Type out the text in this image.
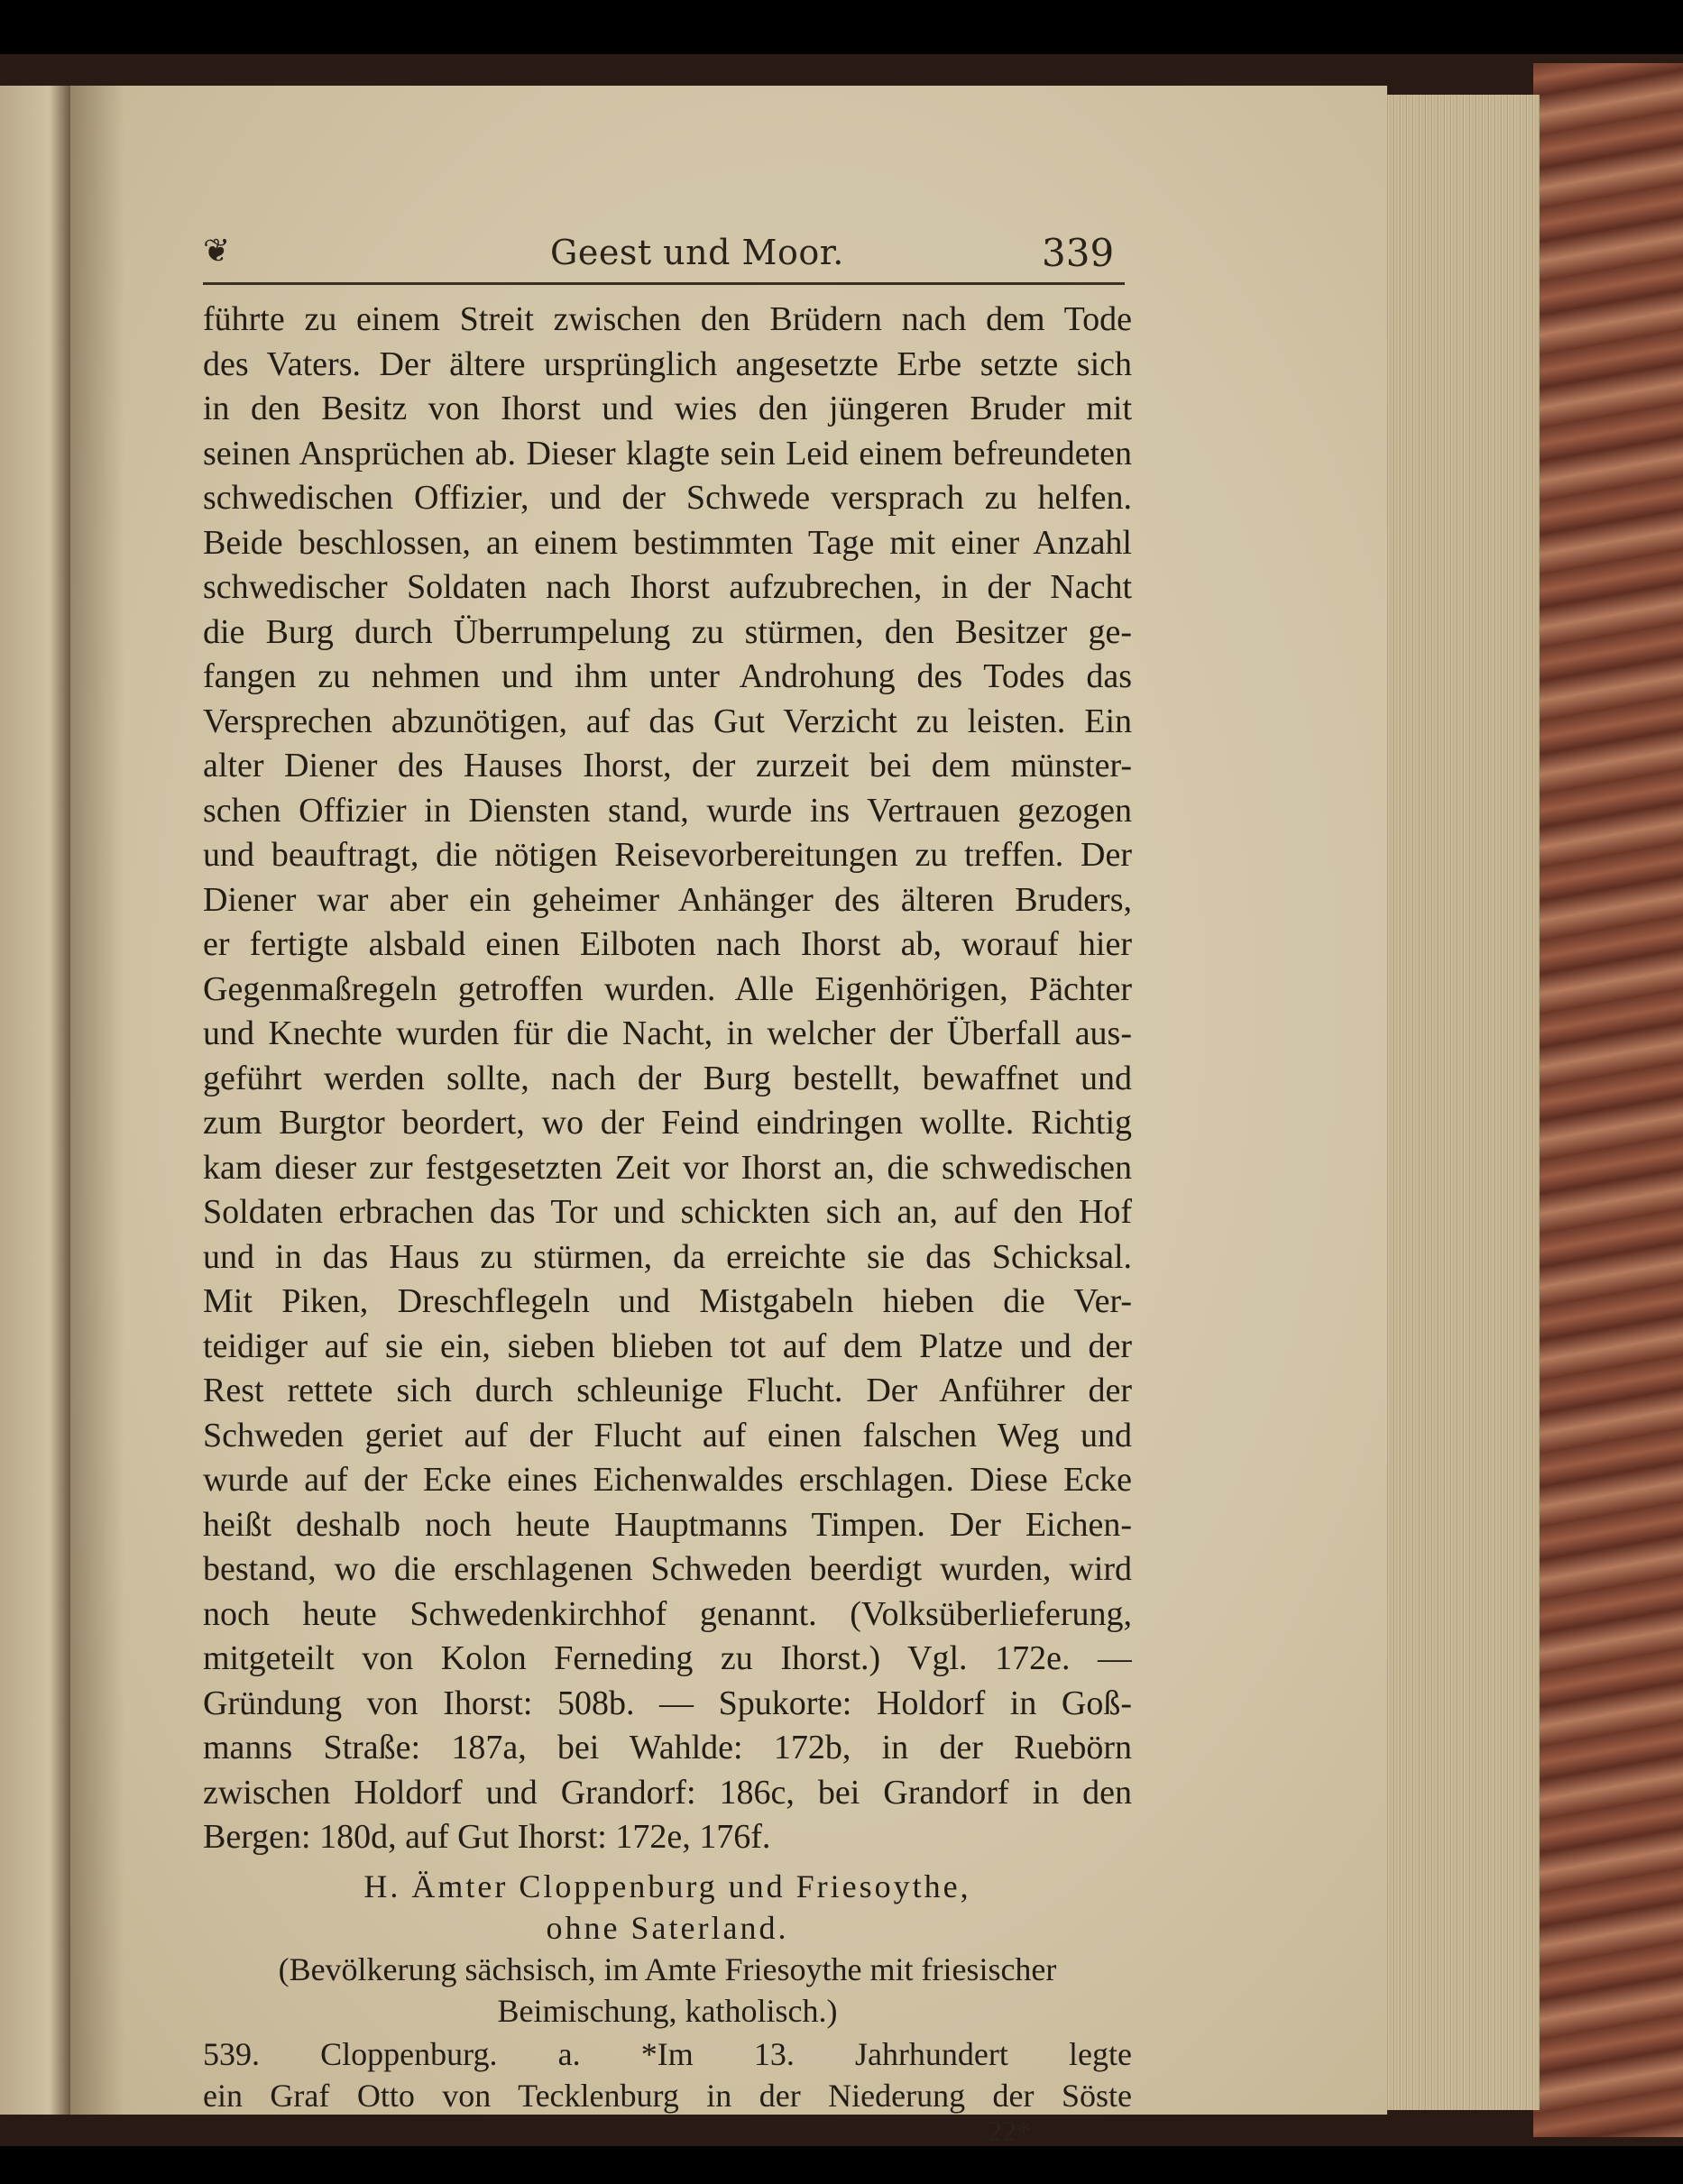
❦	Geest und Moor.	339
führte zu einem Streit zwischen den Brüdern nach dem Tode
des Vaters. Der ältere ursprünglich angesetzte Erbe setzte sich
in den Besitz von Ihorst und wies den jüngeren Bruder mit
seinen Ansprüchen ab. Dieser klagte sein Leid einem befreundeten
schwedischen Offizier, und der Schwede versprach zu helfen.
Beide beschlossen, an einem bestimmten Tage mit einer Anzahl
schwedischer Soldaten nach Ihorst aufzubrechen, in der Nacht
die Burg durch Überrumpelung zu stürmen, den Besitzer ge-
fangen zu nehmen und ihm unter Androhung des Todes das
Versprechen abzunötigen, auf das Gut Verzicht zu leisten. Ein
alter Diener des Hauses Ihorst, der zurzeit bei dem münster-
schen Offizier in Diensten stand, wurde ins Vertrauen gezogen
und beauftragt, die nötigen Reisevorbereitungen zu treffen. Der
Diener war aber ein geheimer Anhänger des älteren Bruders,
er fertigte alsbald einen Eilboten nach Ihorst ab, worauf hier
Gegenmaßregeln getroffen wurden. Alle Eigenhörigen, Pächter
und Knechte wurden für die Nacht, in welcher der Überfall aus-
geführt werden sollte, nach der Burg bestellt, bewaffnet und
zum Burgtor beordert, wo der Feind eindringen wollte. Richtig
kam dieser zur festgesetzten Zeit vor Ihorst an, die schwedischen
Soldaten erbrachen das Tor und schickten sich an, auf den Hof
und in das Haus zu stürmen, da erreichte sie das Schicksal.
Mit Piken, Dreschflegeln und Mistgabeln hieben die Ver-
teidiger auf sie ein, sieben blieben tot auf dem Platze und der
Rest rettete sich durch schleunige Flucht. Der Anführer der
Schweden geriet auf der Flucht auf einen falschen Weg und
wurde auf der Ecke eines Eichenwaldes erschlagen. Diese Ecke
heißt deshalb noch heute Hauptmanns Timpen. Der Eichen-
bestand, wo die erschlagenen Schweden beerdigt wurden, wird
noch heute Schwedenkirchhof genannt. (Volksüberlieferung,
mitgeteilt von Kolon Ferneding zu Ihorst.) Vgl. 172e. —
Gründung von Ihorst: 508b. — Spukorte: Holdorf in Goß-
manns Straße: 187a, bei Wahlde: 172b, in der Ruebörn
zwischen Holdorf und Grandorf: 186c, bei Grandorf in den
Bergen: 180d, auf Gut Ihorst: 172e, 176f.
H. Ämter Cloppenburg und Friesoythe,
ohne Saterland.
(Bevölkerung sächsisch, im Amte Friesoythe mit friesischer
Beimischung, katholisch.)
539. Cloppenburg. a. *Im 13. Jahrhundert legte
ein Graf Otto von Tecklenburg in der Niederung der Söste
22*
